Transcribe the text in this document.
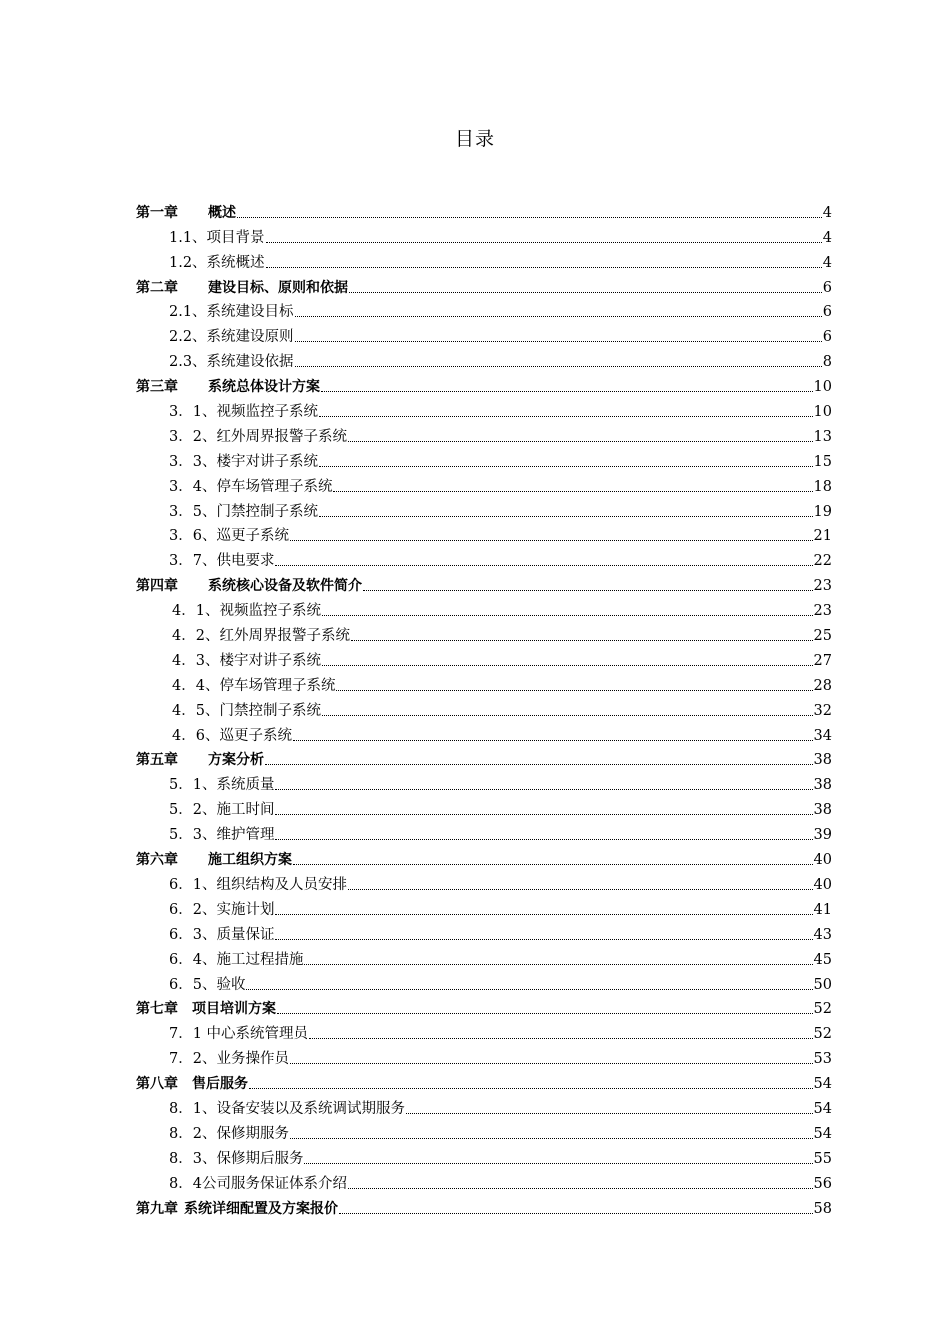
目录
第一章 概述	4
1.1、项目背景	4
1.2、系统概述	4
第二章 建设目标、原则和依据	6
2.1、系统建设目标	6
2.2、系统建设原则	6
2.3、系统建设依据	8
第三章 系统总体设计方案	10
3．1、视频监控子系统	10
3．2、红外周界报警子系统	13
3．3、楼宇对讲子系统	15
3．4、停车场管理子系统	18
3．5、门禁控制子系统	19
3．6、巡更子系统	21
3．7、供电要求	22
第四章 系统核心设备及软件简介	23
4．1、视频监控子系统	23
4．2、红外周界报警子系统	25
4．3、楼宇对讲子系统	27
4．4、停车场管理子系统	28
4．5、门禁控制子系统	32
4．6、巡更子系统	34
第五章 方案分析	38
5．1、系统质量	38
5．2、施工时间	38
5．3、维护管理	39
第六章 施工组织方案	40
6．1、组织结构及人员安排	40
6．2、实施计划	41
6．3、质量保证	43
6．4、施工过程措施	45
6．5、验收	50
第七章 项目培训方案	52
7．1 中心系统管理员	52
7．2、业务操作员	53
第八章 售后服务	54
8．1、设备安装以及系统调试期服务	54
8．2、保修期服务	54
8．3、保修期后服务	55
8．4公司服务保证体系介绍	56
第九章 系统详细配置及方案报价	58
